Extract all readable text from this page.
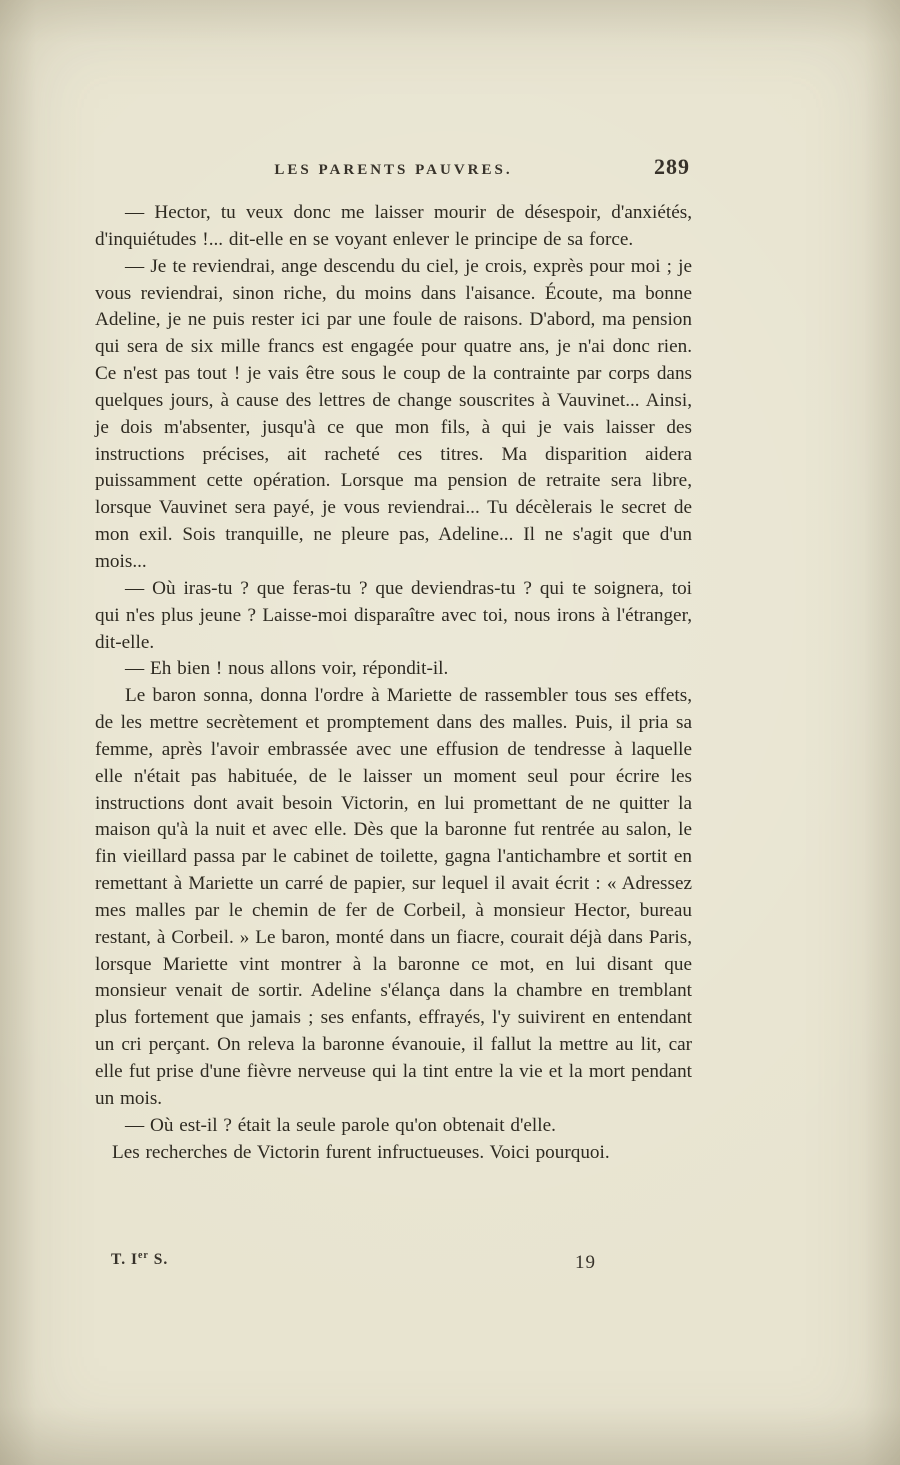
LES PARENTS PAUVRES.	289

— Hector, tu veux donc me laisser mourir de désespoir, d'anxiétés, d'inquiétudes !... dit-elle en se voyant enlever le principe de sa force.

— Je te reviendrai, ange descendu du ciel, je crois, exprès pour moi ; je vous reviendrai, sinon riche, du moins dans l'aisance. Écoute, ma bonne Adeline, je ne puis rester ici par une foule de raisons. D'abord, ma pension qui sera de six mille francs est engagée pour quatre ans, je n'ai donc rien. Ce n'est pas tout ! je vais être sous le coup de la contrainte par corps dans quelques jours, à cause des lettres de change souscrites à Vauvinet... Ainsi, je dois m'absenter, jusqu'à ce que mon fils, à qui je vais laisser des instructions précises, ait racheté ces titres. Ma disparition aidera puissamment cette opération. Lorsque ma pension de retraite sera libre, lorsque Vauvinet sera payé, je vous reviendrai... Tu décèlerais le secret de mon exil. Sois tranquille, ne pleure pas, Adeline... Il ne s'agit que d'un mois...

— Où iras-tu ? que feras-tu ? que deviendras-tu ? qui te soignera, toi qui n'es plus jeune ? Laisse-moi disparaître avec toi, nous irons à l'étranger, dit-elle.

— Eh bien ! nous allons voir, répondit-il.

Le baron sonna, donna l'ordre à Mariette de rassembler tous ses effets, de les mettre secrètement et promptement dans des malles. Puis, il pria sa femme, après l'avoir embrassée avec une effusion de tendresse à laquelle elle n'était pas habituée, de le laisser un moment seul pour écrire les instructions dont avait besoin Victorin, en lui promettant de ne quitter la maison qu'à la nuit et avec elle. Dès que la baronne fut rentrée au salon, le fin vieillard passa par le cabinet de toilette, gagna l'antichambre et sortit en remettant à Mariette un carré de papier, sur lequel il avait écrit : « Adressez mes malles par le chemin de fer de Corbeil, à monsieur Hector, bureau restant, à Corbeil. » Le baron, monté dans un fiacre, courait déjà dans Paris, lorsque Mariette vint montrer à la baronne ce mot, en lui disant que monsieur venait de sortir. Adeline s'élança dans la chambre en tremblant plus fortement que jamais ; ses enfants, effrayés, l'y suivirent en entendant un cri perçant. On releva la baronne évanouie, il fallut la mettre au lit, car elle fut prise d'une fièvre nerveuse qui la tint entre la vie et la mort pendant un mois.

— Où est-il ? était la seule parole qu'on obtenait d'elle.

Les recherches de Victorin furent infructueuses. Voici pourquoi.

T. Ier S.	19
